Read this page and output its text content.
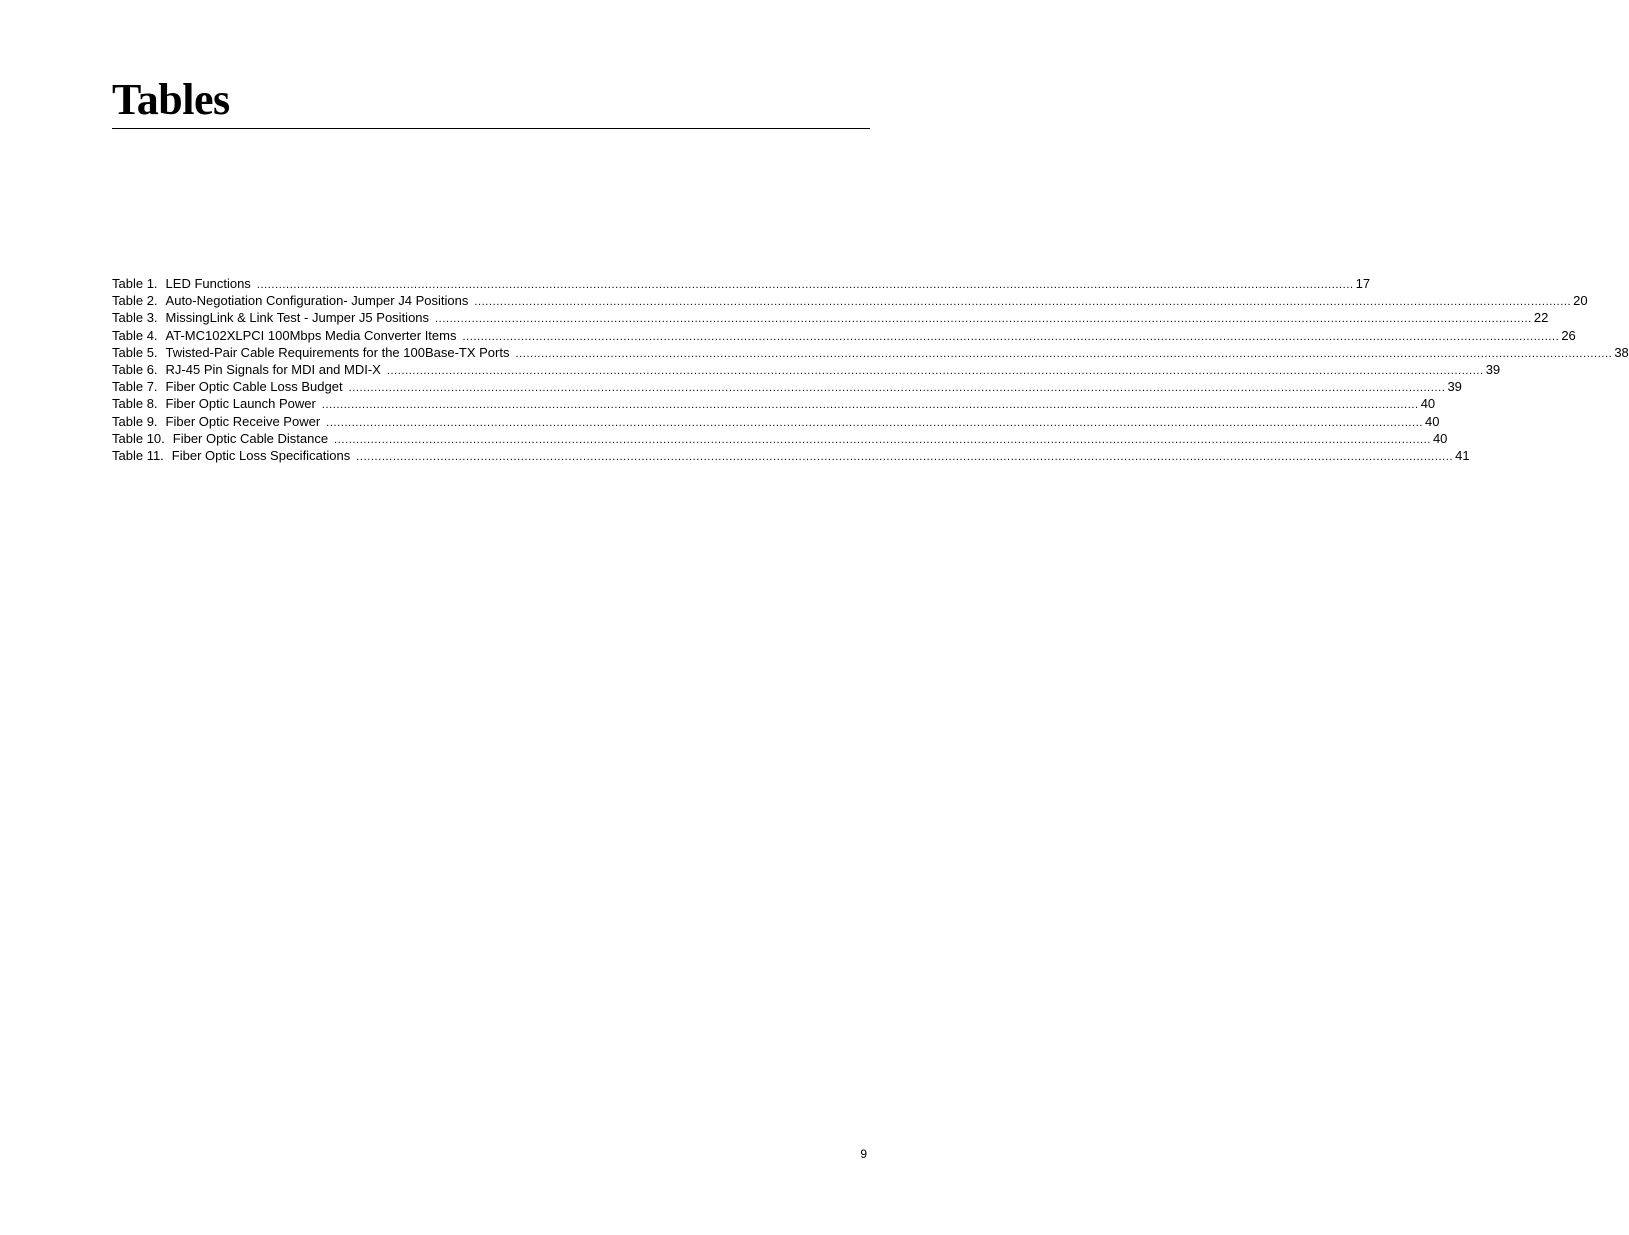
Tables
Table 1. LED Functions ............................................................................................................................................................................................................................................................................................................ 17
Table 2. Auto-Negotiation Configuration- Jumper J4 Positions ............................................................................................................................................................................................................................................................................................................ 20
Table 3. MissingLink & Link Test - Jumper J5 Positions ............................................................................................................................................................................................................................................................................................................ 22
Table 4. AT-MC102XLPCI 100Mbps Media Converter Items ............................................................................................................................................................................................................................................................................................................ 26
Table 5. Twisted-Pair Cable Requirements for the 100Base-TX Ports ............................................................................................................................................................................................................................................................................................................ 38
Table 6. RJ-45 Pin Signals for MDI and MDI-X ............................................................................................................................................................................................................................................................................................................ 39
Table 7. Fiber Optic Cable Loss Budget ............................................................................................................................................................................................................................................................................................................ 39
Table 8. Fiber Optic Launch Power ............................................................................................................................................................................................................................................................................................................ 40
Table 9. Fiber Optic Receive Power ............................................................................................................................................................................................................................................................................................................ 40
Table 10. Fiber Optic Cable Distance ............................................................................................................................................................................................................................................................................................................ 40
Table 11. Fiber Optic Loss Specifications ............................................................................................................................................................................................................................................................................................................ 41
9
